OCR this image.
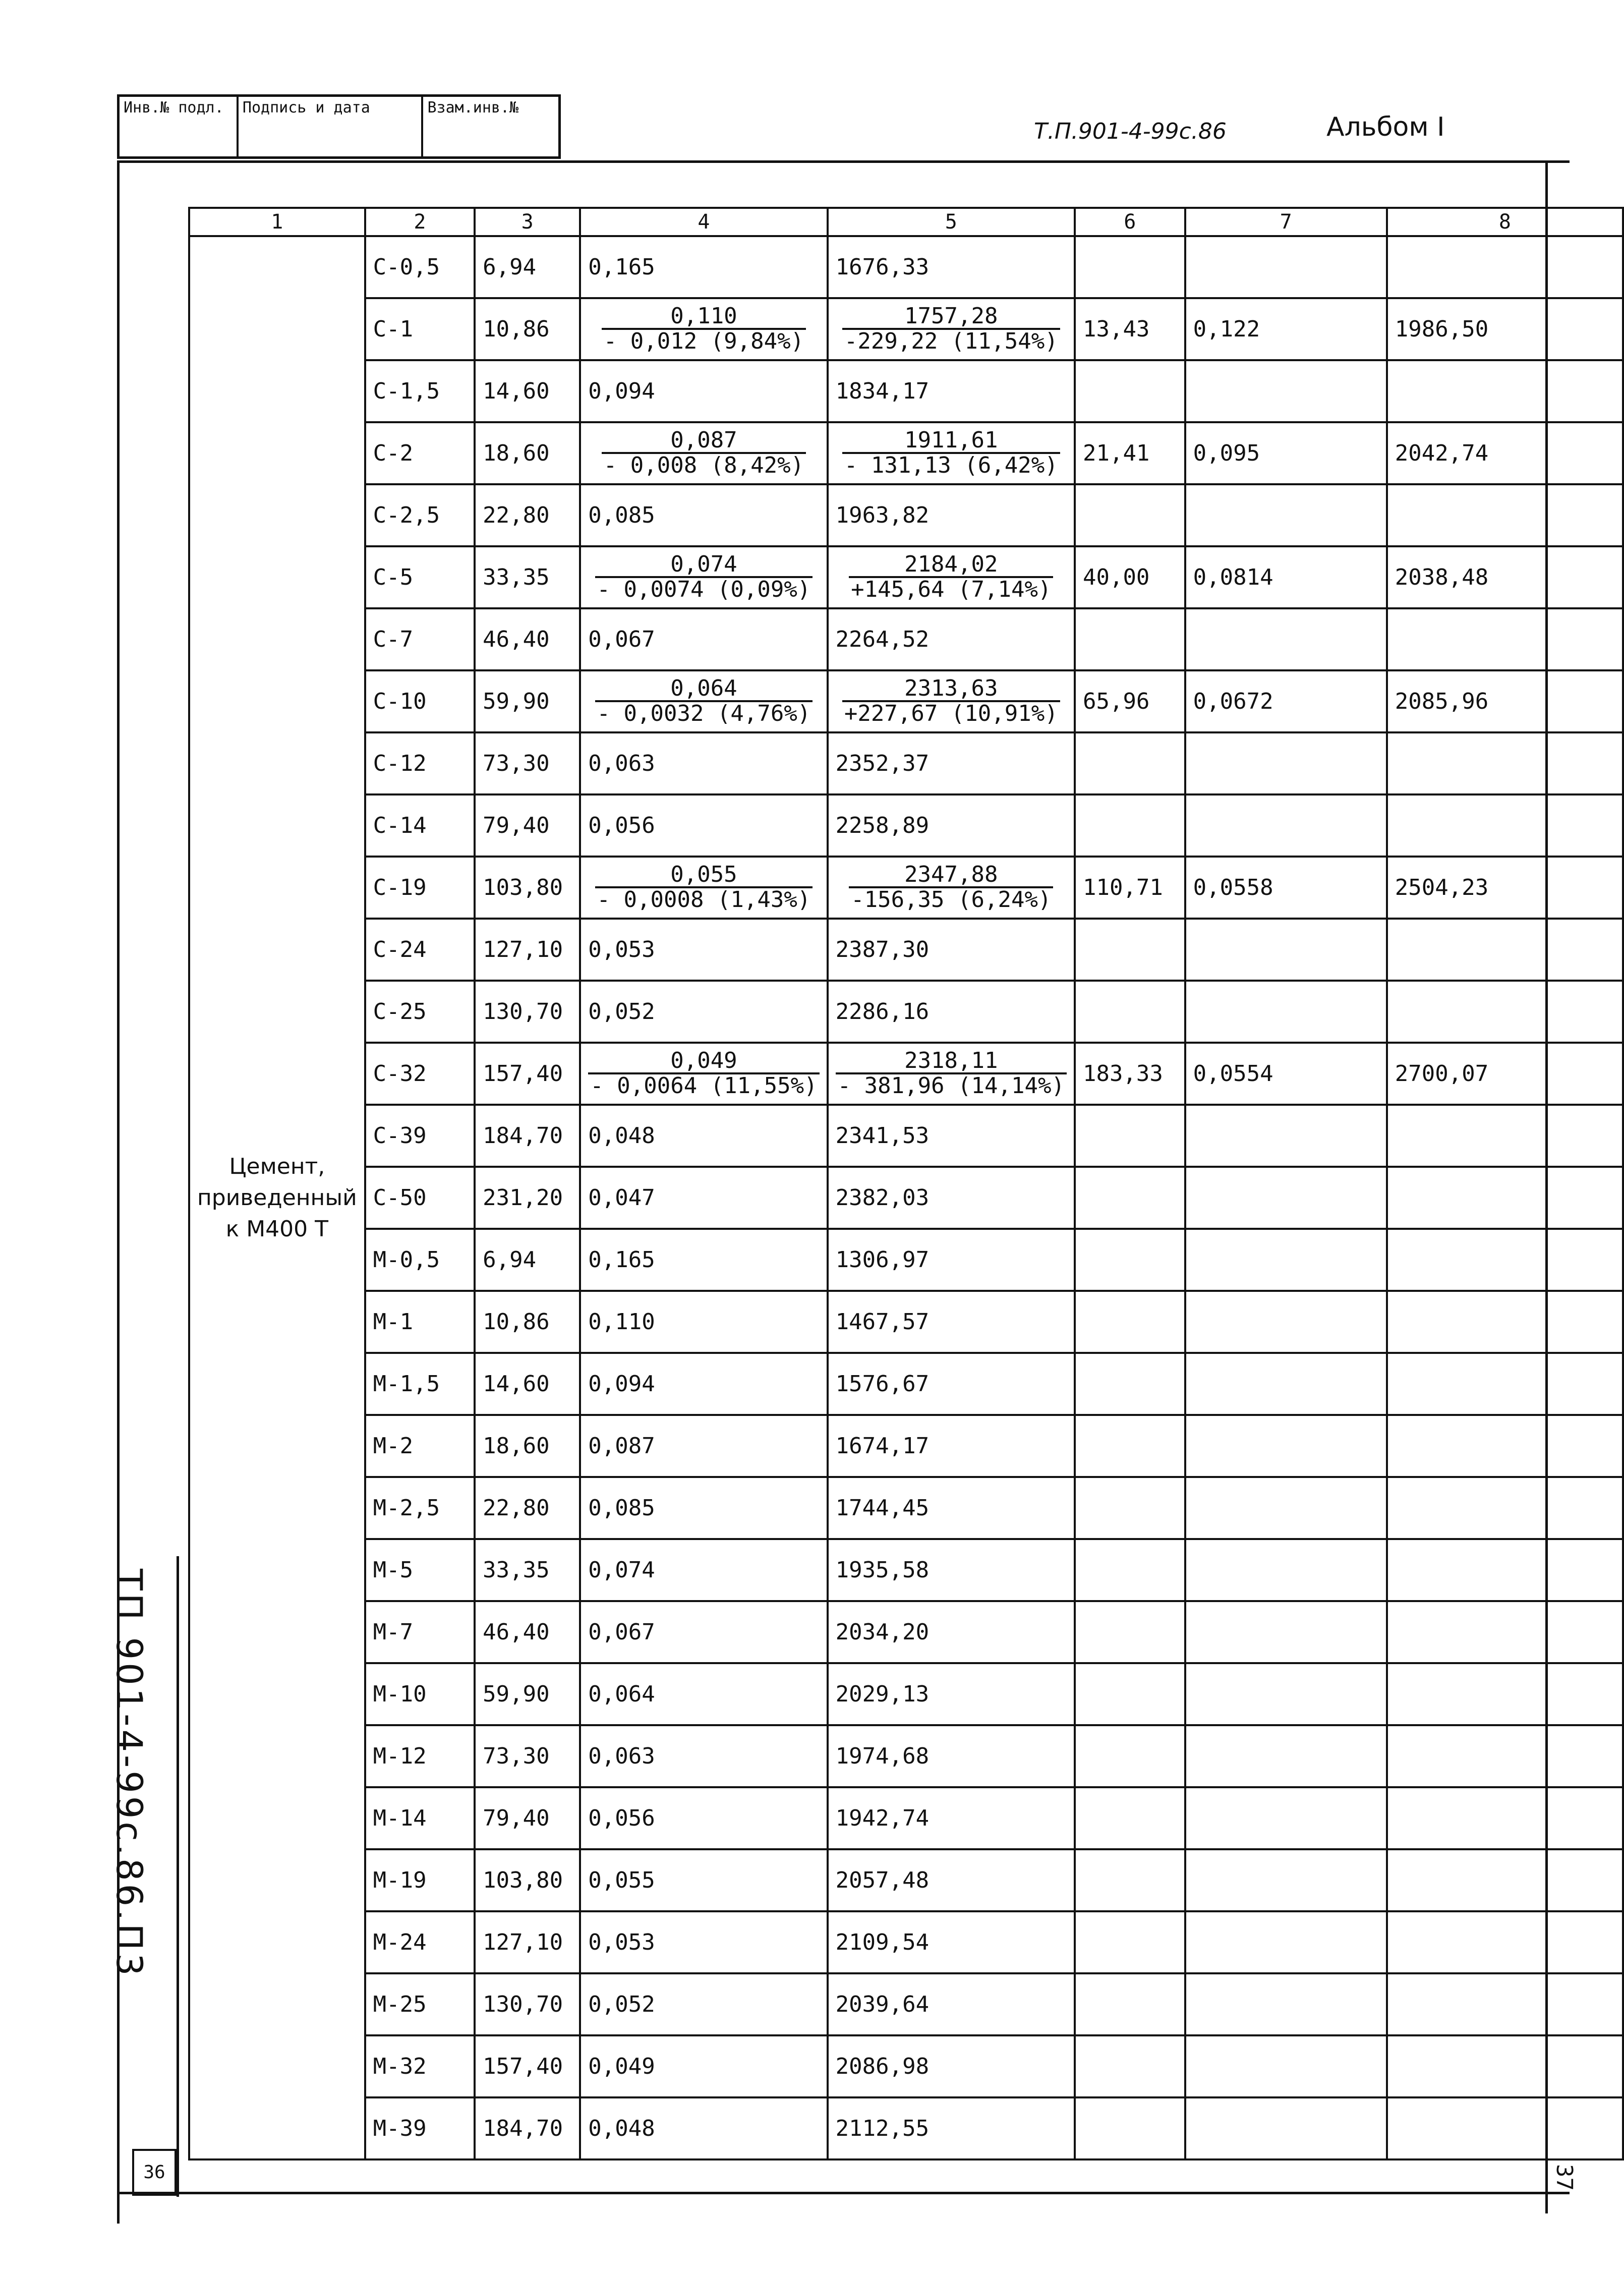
Инв.№ подл.	Подпись и дата	Взам.инв.№
Т.П.901-4-99с.86	Альбом I
ТП 901-4-99с.86.П3
36	37
1	2	3	4	5	6	7	8
Цемент, приведенный к М400 Т	С-0,5	6,94	0,165	1676,33			
	С-1	10,86	$\frac{0,110}{- 0,012 (9,84\%)}$	$\frac{1757,28}{-229,22 (11,54\%)}$	13,43	0,122	1986,50
	С-1,5	14,60	0,094	1834,17			
	С-2	18,60	$\frac{0,087}{- 0,008 (8,42\%)}$	$\frac{1911,61}{- 131,13 (6,42\%)}$	21,41	0,095	2042,74
	С-2,5	22,80	0,085	1963,82			
	С-5	33,35	$\frac{0,074}{- 0,0074 (0,09\%)}$	$\frac{2184,02}{+145,64 (7,14\%)}$	40,00	0,0814	2038,48
	С-7	46,40	0,067	2264,52			
	С-10	59,90	$\frac{0,064}{- 0,0032 (4,76\%)}$	$\frac{2313,63}{+227,67 (10,91\%)}$	65,96	0,0672	2085,96
	С-12	73,30	0,063	2352,37			
	С-14	79,40	0,056	2258,89			
	С-19	103,80	$\frac{0,055}{- 0,0008 (1,43\%)}$	$\frac{2347,88}{-156,35 (6,24\%)}$	110,71	0,0558	2504,23
	С-24	127,10	0,053	2387,30			
	С-25	130,70	0,052	2286,16			
	С-32	157,40	$\frac{0,049}{- 0,0064 (11,55\%)}$	$\frac{2318,11}{- 381,96 (14,14\%)}$	183,33	0,0554	2700,07
	С-39	184,70	0,048	2341,53			
	С-50	231,20	0,047	2382,03			
	М-0,5	6,94	0,165	1306,97			
	М-1	10,86	0,110	1467,57			
	М-1,5	14,60	0,094	1576,67			
	М-2	18,60	0,087	1674,17			
	М-2,5	22,80	0,085	1744,45			
	М-5	33,35	0,074	1935,58			
	М-7	46,40	0,067	2034,20			
	М-10	59,90	0,064	2029,13			
	М-12	73,30	0,063	1974,68			
	М-14	79,40	0,056	1942,74			
	М-19	103,80	0,055	2057,48			
	М-24	127,10	0,053	2109,54			
	М-25	130,70	0,052	2039,64			
	М-32	157,40	0,049	2086,98			
	М-39	184,70	0,048	2112,55			
